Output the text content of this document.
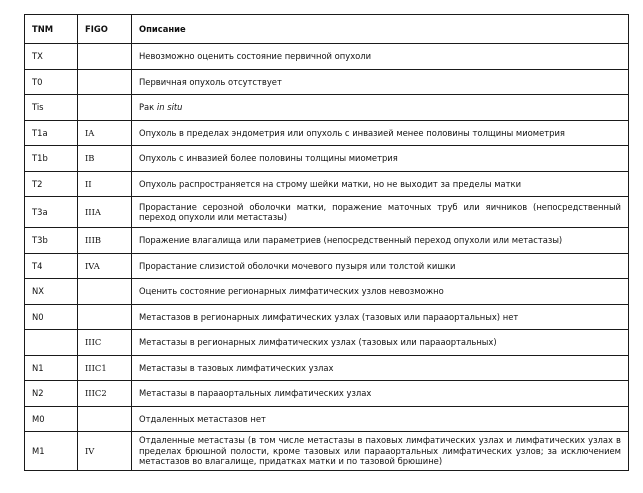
TNM	FIGO	Описание
TX		Невозможно оценить состояние первичной опухоли
T0		Первичная опухоль отсутствует
Tis		Рак in situ
T1a	IA	Опухоль в пределах эндометрия или опухоль с инвазией менее половины толщины миометрия
T1b	IB	Опухоль с инвазией более половины толщины миометрия
T2	II	Опухоль распространяется на строму шейки матки, но не выходит за пределы матки
T3a	IIIA	Прорастание серозной оболочки матки, поражение маточных труб или яичников (непосредственный переход опухоли или метастазы)
T3b	IIIB	Поражение влагалища или параметриев (непосредственный переход опухоли или метастазы)
T4	IVA	Прорастание слизистой оболочки мочевого пузыря или толстой кишки
NX		Оценить состояние регионарных лимфатических узлов невозможно
N0		Метастазов в регионарных лимфатических узлах (тазовых или парааортальных) нет
	IIIC	Метастазы в регионарных лимфатических узлах (тазовых или парааортальных)
N1	IIIC1	Метастазы в тазовых лимфатических узлах
N2	IIIC2	Метастазы в парааортальных лимфатических узлах
M0		Отдаленных метастазов нет
M1	IV	Отдаленные метастазы (в том числе метастазы в паховых лимфатических узлах и лимфатических узлах в пределах брюшной полости, кроме тазовых или парааортальных лимфатических узлов; за исключением метастазов во влагалище, придатках матки и по тазовой брюшине)
